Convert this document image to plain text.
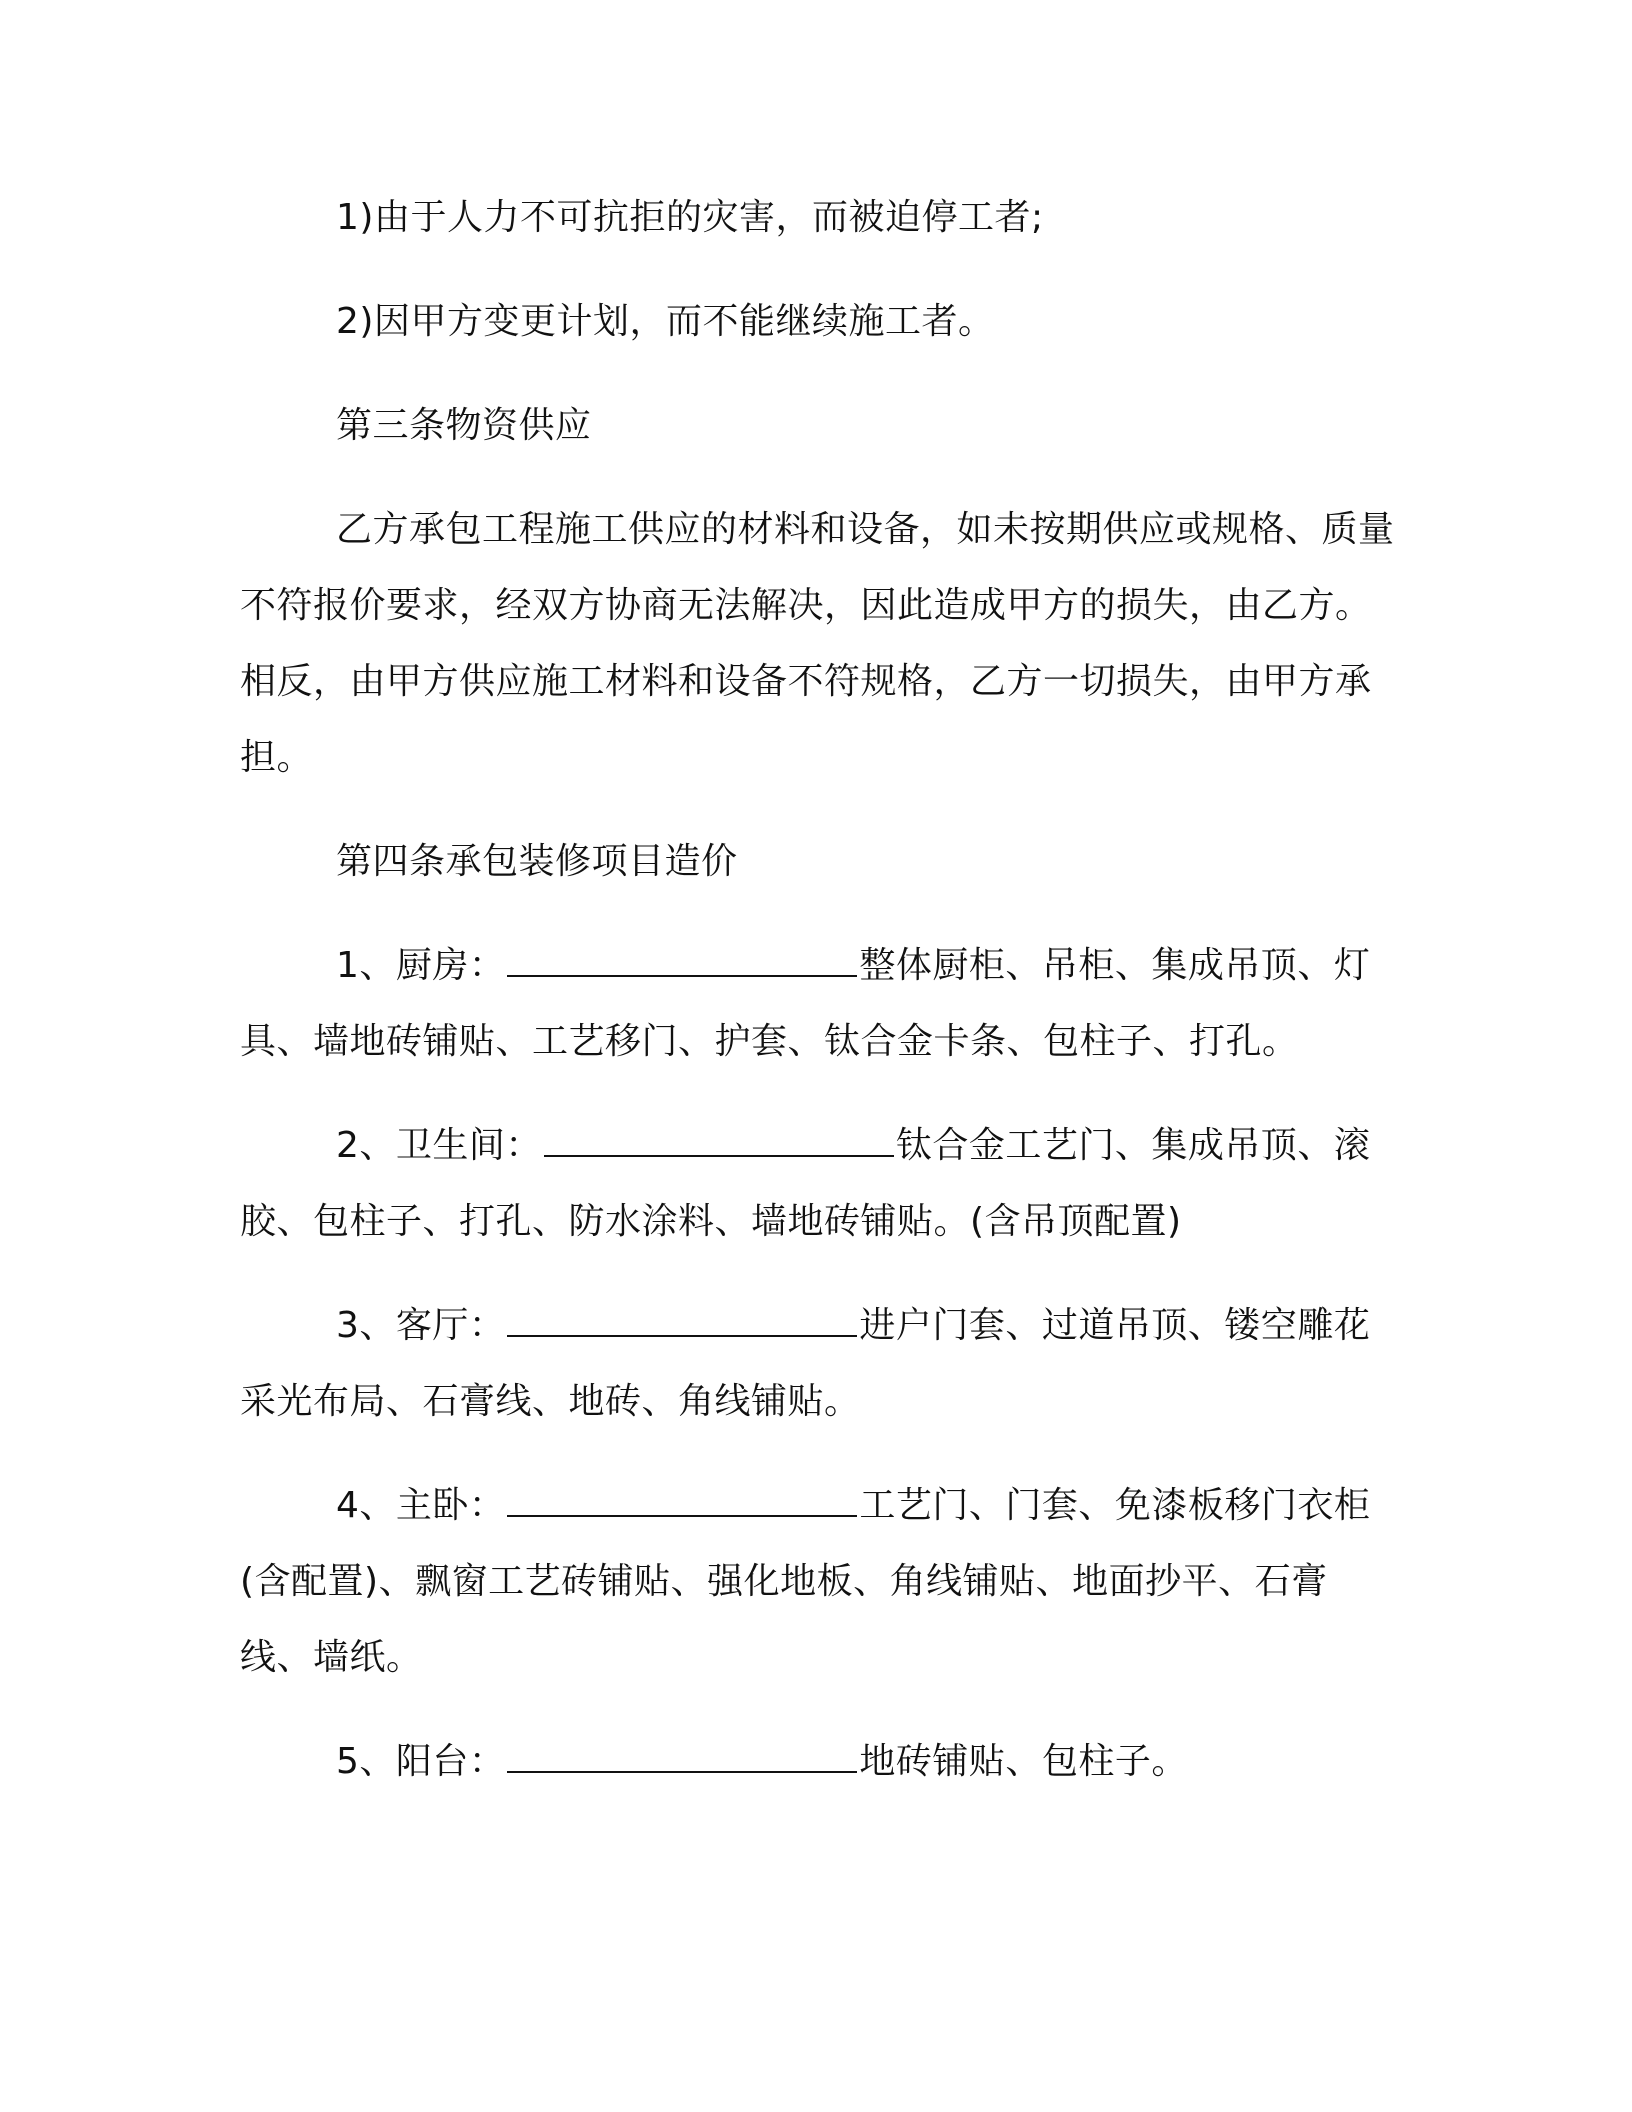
1)由于人力不可抗拒的灾害，而被迫停工者;

2)因甲方变更计划，而不能继续施工者。

第三条物资供应

乙方承包工程施工供应的材料和设备，如未按期供应或规格、质量不符报价要求，经双方协商无法解决，因此造成甲方的损失，由乙方。相反，由甲方供应施工材料和设备不符规格，乙方一切损失，由甲方承担。

第四条承包装修项目造价

1、厨房：	整体厨柜、吊柜、集成吊顶、灯具、墙地砖铺贴、工艺移门、护套、钛合金卡条、包柱子、打孔。

2、卫生间：	钛合金工艺门、集成吊顶、滚胶、包柱子、打孔、防水涂料、墙地砖铺贴。(含吊顶配置)

3、客厅：	进户门套、过道吊顶、镂空雕花采光布局、石膏线、地砖、角线铺贴。

4、主卧：	工艺门、门套、免漆板移门衣柜(含配置)、飘窗工艺砖铺贴、强化地板、角线铺贴、地面抄平、石膏线、墙纸。

5、阳台：	地砖铺贴、包柱子。
